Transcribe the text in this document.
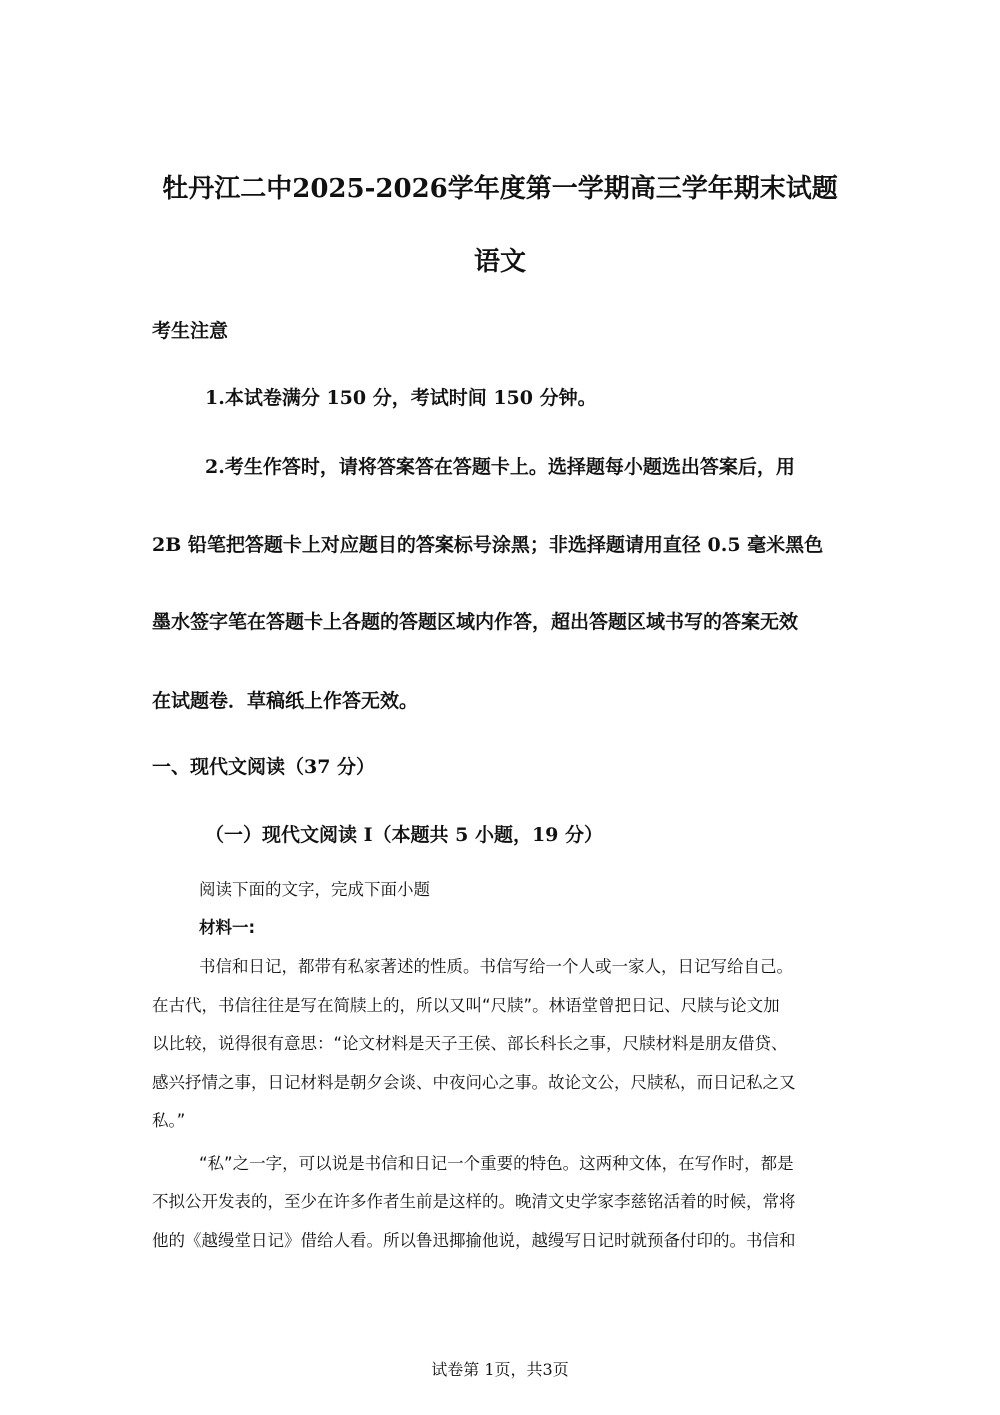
牡丹江二中2025-2026学年度第一学期高三学年期末试题
语文
考生注意
1.本试卷满分 150 分，考试时间 150 分钟。
2.考生作答时，请将答案答在答题卡上。选择题每小题选出答案后，用
2B 铅笔把答题卡上对应题目的答案标号涂黑；非选择题请用直径 0.5 毫米黑色
墨水签字笔在答题卡上各题的答题区域内作答，超出答题区域书写的答案无效
在试题卷．草稿纸上作答无效。
一、现代文阅读（37 分）
（一）现代文阅读 I（本题共 5 小题，19 分）
阅读下面的文字，完成下面小题
材料一:
书信和日记，都带有私家著述的性质。书信写给一个人或一家人，日记写给自己。
在古代，书信往往是写在简牍上的，所以又叫“尺牍”。林语堂曾把日记、尺牍与论文加
以比较，说得很有意思：“论文材料是天子王侯、部长科长之事，尺牍材料是朋友借贷、
感兴抒情之事，日记材料是朝夕会谈、中夜问心之事。故论文公，尺牍私，而日记私之又
私。”
“私”之一字，可以说是书信和日记一个重要的特色。这两种文体，在写作时，都是
不拟公开发表的，至少在许多作者生前是这样的。晚清文史学家李慈铭活着的时候，常将
他的《越缦堂日记》借给人看。所以鲁迅揶揄他说，越缦写日记时就预备付印的。书信和
试卷第 1页，共3页
